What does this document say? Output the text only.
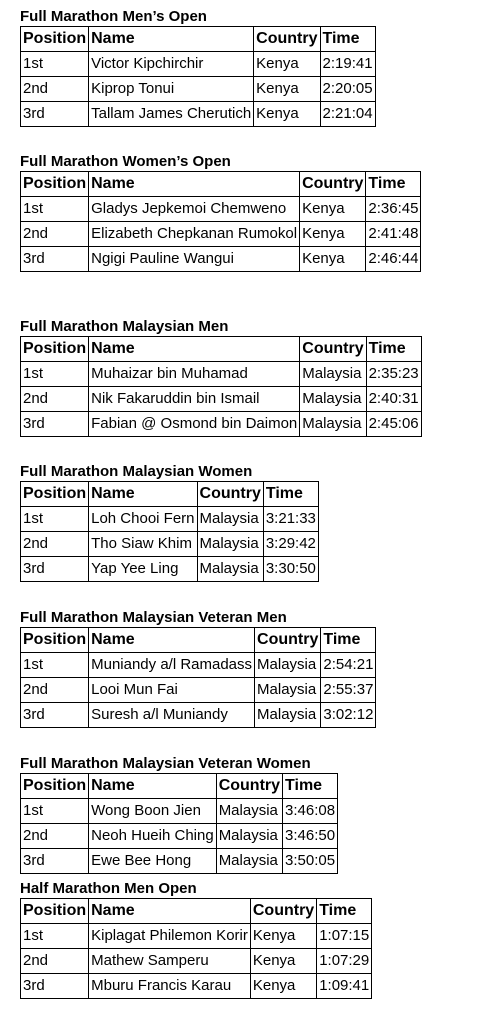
Full Marathon Men’s Open
Position	Name	Country	Time
1st	Victor Kipchirchir	Kenya	2:19:41
2nd	Kiprop Tonui	Kenya	2:20:05
3rd	Tallam James Cherutich	Kenya	2:21:04
Full Marathon Women’s Open
Position	Name	Country	Time
1st	Gladys Jepkemoi Chemweno	Kenya	2:36:45
2nd	Elizabeth Chepkanan Rumokol	Kenya	2:41:48
3rd	Ngigi Pauline Wangui	Kenya	2:46:44
Full Marathon Malaysian Men
Position	Name	Country	Time
1st	Muhaizar bin Muhamad	Malaysia	2:35:23
2nd	Nik Fakaruddin bin Ismail	Malaysia	2:40:31
3rd	Fabian @ Osmond bin Daimon	Malaysia	2:45:06
Full Marathon Malaysian Women
Position	Name	Country	Time
1st	Loh Chooi Fern	Malaysia	3:21:33
2nd	Tho Siaw Khim	Malaysia	3:29:42
3rd	Yap Yee Ling	Malaysia	3:30:50
Full Marathon Malaysian Veteran Men
Position	Name	Country	Time
1st	Muniandy a/l Ramadass	Malaysia	2:54:21
2nd	Looi Mun Fai	Malaysia	2:55:37
3rd	Suresh a/l Muniandy	Malaysia	3:02:12
Full Marathon Malaysian Veteran Women
Position	Name	Country	Time
1st	Wong Boon Jien	Malaysia	3:46:08
2nd	Neoh Hueih Ching	Malaysia	3:46:50
3rd	Ewe Bee Hong	Malaysia	3:50:05
Half Marathon Men Open
Position	Name	Country	Time
1st	Kiplagat Philemon Korir	Kenya	1:07:15
2nd	Mathew Samperu	Kenya	1:07:29
3rd	Mburu Francis Karau	Kenya	1:09:41
